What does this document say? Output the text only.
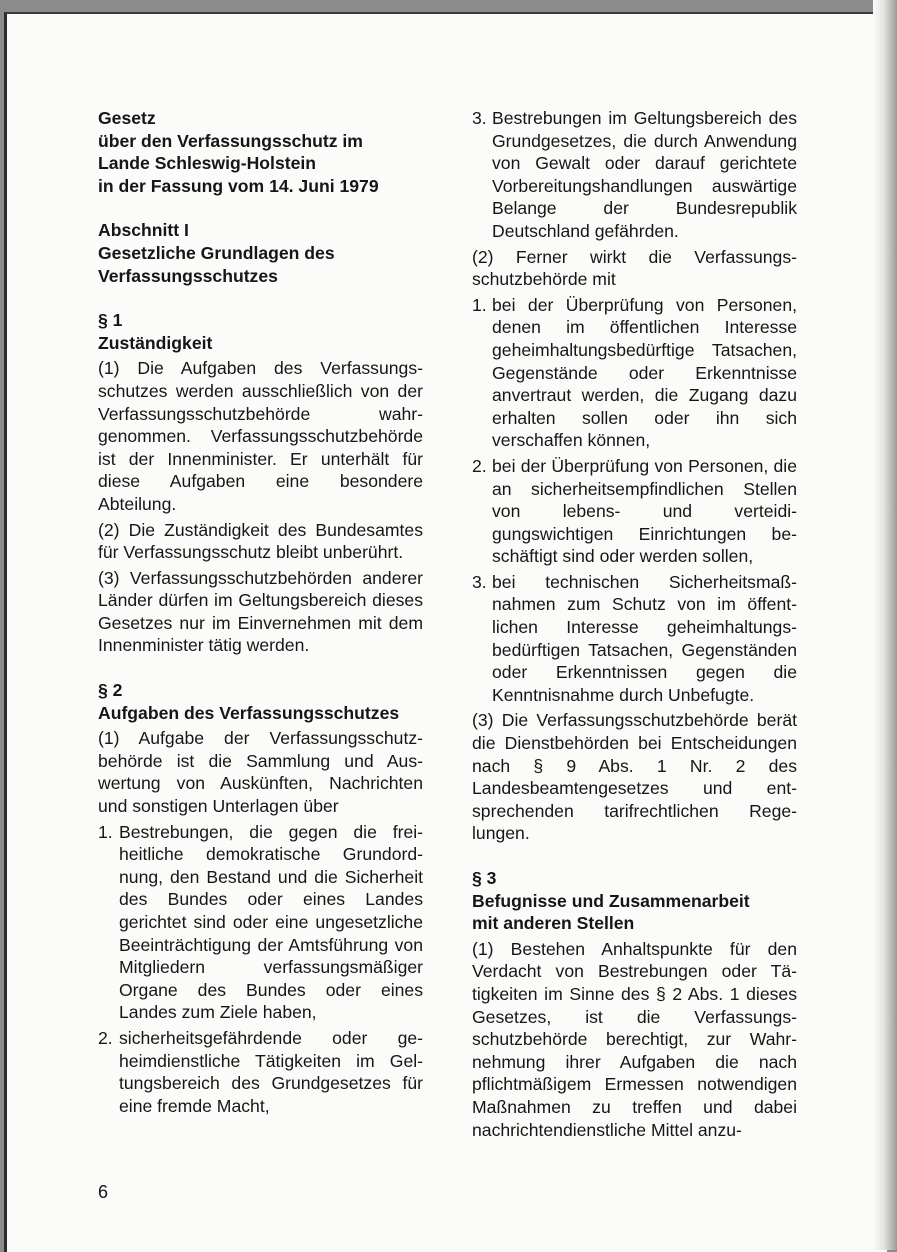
Gesetz
über den Verfassungsschutz im
Lande Schleswig-Holstein
in der Fassung vom 14. Juni 1979
Abschnitt I
Gesetzliche Grundlagen des
Verfassungsschutzes
§ 1
Zuständigkeit

(1) Die Aufgaben des Verfassungsschutzes werden ausschließlich von der Verfassungsschutzbehörde wahrgenommen. Verfassungsschutzbehörde ist der Innenminister. Er unterhält für diese Aufgaben eine besondere Abteilung.

(2) Die Zuständigkeit des Bundesamtes für Verfassungsschutz bleibt unberührt.

(3) Verfassungsschutzbehörden anderer Länder dürfen im Geltungsbereich dieses Gesetzes nur im Einvernehmen mit dem Innenminister tätig werden.

§ 2
Aufgaben des Verfassungsschutzes

(1) Aufgabe der Verfassungsschutzbehörde ist die Sammlung und Auswertung von Auskünften, Nachrichten und sonstigen Unterlagen über

1. Bestrebungen, die gegen die freiheitliche demokratische Grundordnung, den Bestand und die Sicherheit des Bundes oder eines Landes gerichtet sind oder eine ungesetzliche Beeinträchtigung der Amtsführung von Mitgliedern verfassungsmäßiger Organe des Bundes oder eines Landes zum Ziele haben,
2. sicherheitsgefährdende oder geheimdienstliche Tätigkeiten im Geltungsbereich des Grundgesetzes für eine fremde Macht,
3. Bestrebungen im Geltungsbereich des Grundgesetzes, die durch Anwendung von Gewalt oder darauf gerichtete Vorbereitungshandlungen auswärtige Belange der Bundesrepublik Deutschland gefährden.

(2) Ferner wirkt die Verfassungsschutzbehörde mit

1. bei der Überprüfung von Personen, denen im öffentlichen Interesse geheimhaltungsbedürftige Tatsachen, Gegenstände oder Erkenntnisse anvertraut werden, die Zugang dazu erhalten sollen oder ihn sich verschaffen können,
2. bei der Überprüfung von Personen, die an sicherheitsempfindlichen Stellen von lebens- und verteidigungswichtigen Einrichtungen beschäftigt sind oder werden sollen,
3. bei technischen Sicherheitsmaßnahmen zum Schutz von im öffentlichen Interesse geheimhaltungsbedürftigen Tatsachen, Gegenständen oder Erkenntnissen gegen die Kenntnisnahme durch Unbefugte.

(3) Die Verfassungsschutzbehörde berät die Dienstbehörden bei Entscheidungen nach § 9 Abs. 1 Nr. 2 des Landesbeamtengesetzes und entsprechenden tarifrechtlichen Regelungen.

§ 3
Befugnisse und Zusammenarbeit
mit anderen Stellen

(1) Bestehen Anhaltspunkte für den Verdacht von Bestrebungen oder Tätigkeiten im Sinne des § 2 Abs. 1 dieses Gesetzes, ist die Verfassungsschutzbehörde berechtigt, zur Wahrnehmung ihrer Aufgaben die nach pflichtmäßigem Ermessen notwendigen Maßnahmen zu treffen und dabei nachrichtendienstliche Mittel anzu-

6
